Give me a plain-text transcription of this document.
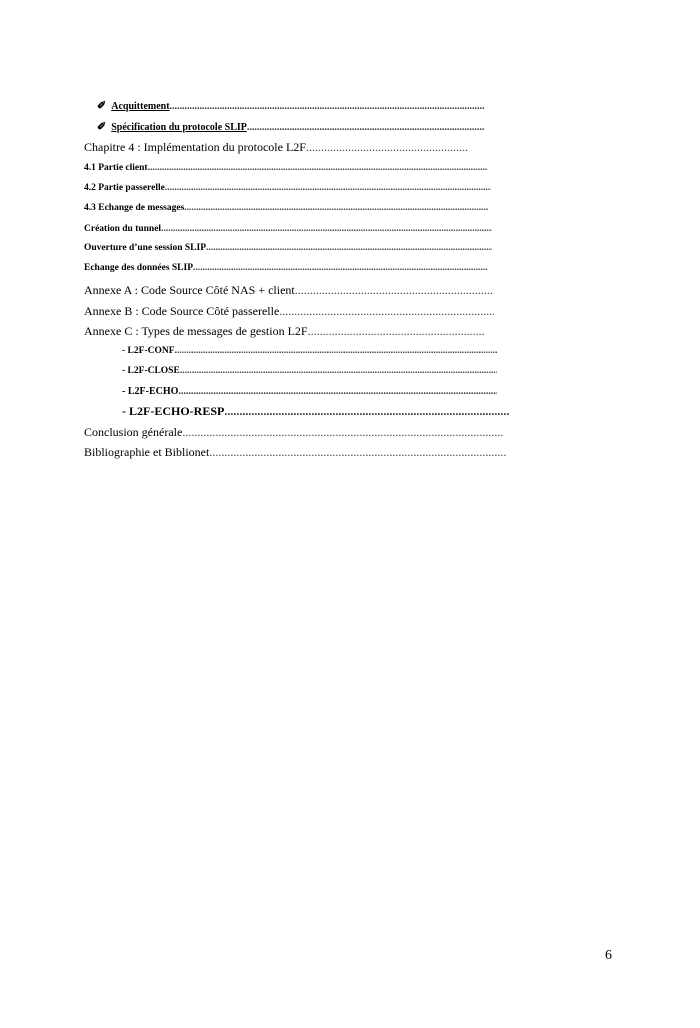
✐ Acquittement
.....
✐ Spécification du protocole SLIP
.....
Chapitre 4 : Implémentation du protocole L2F
.....
4.1 Partie client
.....
4.2 Partie passerelle
.....
4.3 Echange de messages
.....
Création du tunnel
.....
Ouverture d’une session SLIP
.....
Echange des données SLIP
.....
Annexe A : Code Source Côté NAS + client
.....
Annexe B : Code Source Côté passerelle
.....
Annexe C : Types de messages de gestion L2F
.....
- L2F-CONF
.....
- L2F-CLOSE
.....
- L2F-ECHO
.....
- L2F-ECHO-RESP
.....
Conclusion générale
.....
Bibliographie et Biblionet
.....
6
